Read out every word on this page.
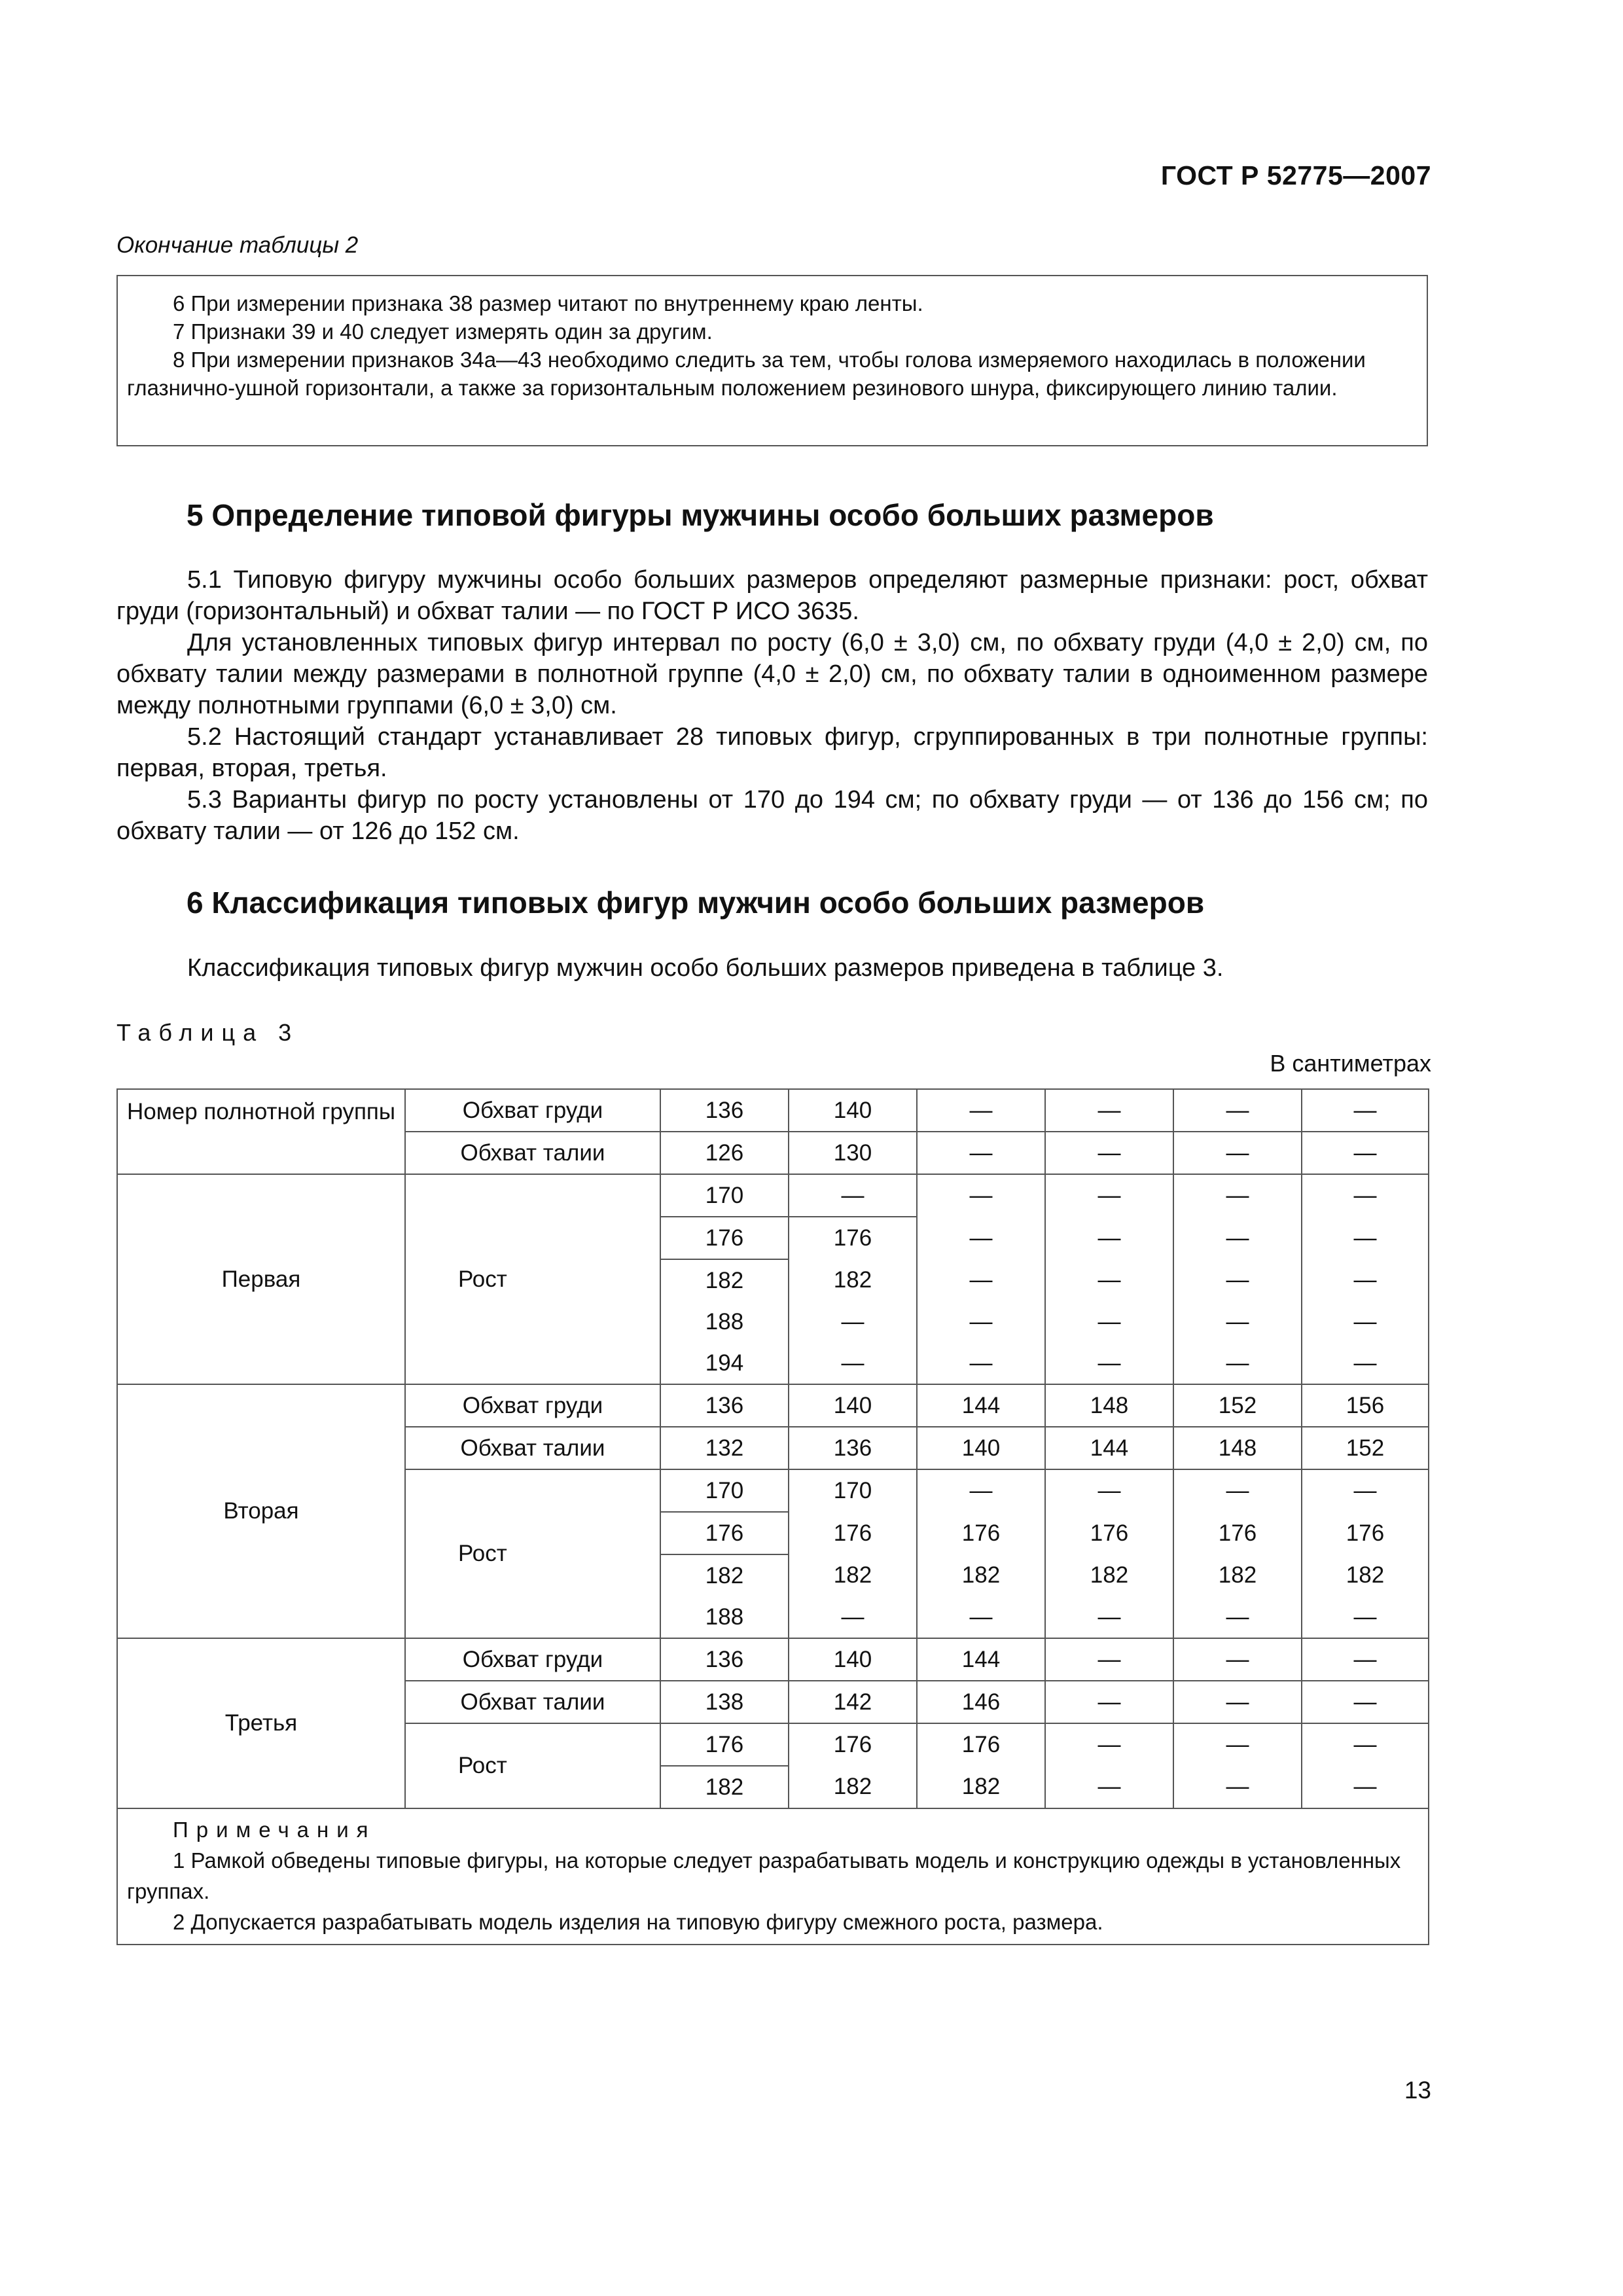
ГОСТ Р 52775—2007
Окончание таблицы 2

6 При измерении признака 38 размер читают по внутреннему краю ленты.

7 Признаки 39 и 40 следует измерять один за другим.

8 При измерении признаков 34а—43 необходимо следить за тем, чтобы голова измеряемого находилась в положении глазнично-ушной горизонтали, а также за горизонтальным положением резинового шнура, фиксирующего линию талии.

5 Определение типовой фигуры мужчины особо больших размеров

5.1 Типовую фигуру мужчины особо больших размеров определяют размерные признаки: рост, обхват груди (горизонтальный) и обхват талии — по ГОСТ Р ИСО 3635.

Для установленных типовых фигур интервал по росту (6,0 ± 3,0) см, по обхвату груди (4,0 ± 2,0) см, по обхвату талии между размерами в полнотной группе (4,0 ± 2,0) см, по обхвату талии в одноименном размере между полнотными группами (6,0 ± 3,0) см.

5.2 Настоящий стандарт устанавливает 28 типовых фигур, сгруппированных в три полнотные группы: первая, вторая, третья.

5.3 Варианты фигур по росту установлены от 170 до 194 см; по обхвату груди — от 136 до 156 см; по обхвату талии — от 126 до 152 см.

6 Классификация типовых фигур мужчин особо больших размеров
Классификация типовых фигур мужчин особо больших размеров приведена в таблице 3.
Таблица 3
В сантиметрах
Номер полнотной группы	Обхват груди	136	140	—	—	—	—
	Обхват талии	126	130	—	—	—	—
Первая	Рост	170	—	—	—	—	—
		176	176	—	—	—	—
		182	182	—	—	—	—
		188	—	—	—	—	—
		194	—	—	—	—	—
Вторая	Обхват груди	136	140	144	148	152	156
	Обхват талии	132	136	140	144	148	152
	Рост	170	170	—	—	—	—
		176	176	176	176	176	176
		182	182	182	182	182	182
		188	—	—	—	—	—
Третья	Обхват груди	136	140	144	—	—	—
	Обхват талии	138	142	146	—	—	—
	Рост	176	176	176	—	—	—
		182	182	182	—	—	—

Примечания

1 Рамкой обведены типовые фигуры, на которые следует разрабатывать модель и конструкцию одежды в установленных группах.

2 Допускается разрабатывать модель изделия на типовую фигуру смежного роста, размера.							

13
